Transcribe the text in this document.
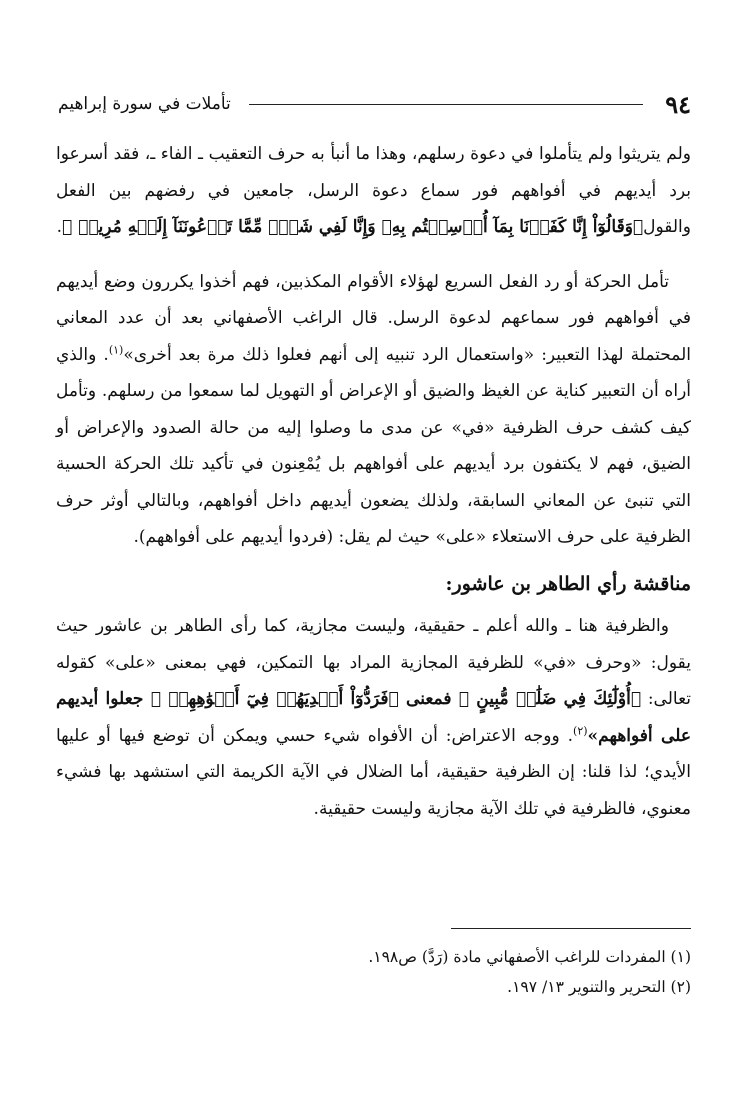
٩٤
تأملات في سورة إبراهيم

ولم يتريثوا ولم يتأملوا في دعوة رسلهم، وهذا ما أنبأ به حرف التعقيب ـ الفاء ـ، فقد أسرعوا برد أيديهم في أفواههم فور سماع دعوة الرسل، جامعين في رفضهم بين الفعل والقول﴿وَقَالُوٓاْ إِنَّا كَفَرۡنَا بِمَآ أُرۡسِلۡتُم بِهِۦ وَإِنَّا لَفِي شَكّٖ مِّمَّا تَدۡعُونَنَآ إِلَيۡهِ مُرِيبٖ ﴾.

تأمل الحركة أو رد الفعل السريع لهؤلاء الأقوام المكذبين، فهم أخذوا يكررون وضع أيديهم في أفواههم فور سماعهم لدعوة الرسل. قال الراغب الأصفهاني بعد أن عدد المعاني المحتملة لهذا التعبير: «واستعمال الرد تنبيه إلى أنهم فعلوا ذلك مرة بعد أخرى»$^{(١)}$. والذي أراه أن التعبير كناية عن الغيظ والضيق أو الإعراض أو التهويل لما سمعوا من رسلهم. وتأمل كيف كشف حرف الظرفية «في» عن مدى ما وصلوا إليه من حالة الصدود والإعراض أو الضيق، فهم لا يكتفون برد أيديهم على أفواههم بل يُمْعِنون في تأكيد تلك الحركة الحسية التي تنبئ عن المعاني السابقة، ولذلك يضعون أيديهم داخل أفواههم، وبالتالي أوثر حرف الظرفية على حرف الاستعلاء «على» حيث لم يقل: (فردوا أيديهم على أفواههم).

مناقشة رأي الطاهر بن عاشور:

والظرفية هنا ـ والله أعلم ـ حقيقية، وليست مجازية، كما رأى الطاهر بن عاشور حيث يقول: «وحرف «في» للظرفية المجازية المراد بها التمكين، فهي بمعنى «على» كقوله تعالى: ﴿أُوْلَٰٓئِكَ فِي ضَلَٰلٖ مُّبِينٍ ﴾ فمعنى ﴿فَرَدُّوٓاْ أَيۡدِيَهُمۡ فِيٓ أَفۡوَٰهِهِمۡ ﴾ جعلوا أيديهم على أفواههم»$^{(٢)}$. ووجه الاعتراض: أن الأفواه شيء حسي ويمكن أن توضع فيها أو عليها الأيدي؛ لذا قلنا: إن الظرفية حقيقية، أما الضلال في الآية الكريمة التي استشهد بها فشيء معنوي، فالظرفية في تلك الآية مجازية وليست حقيقية.

(١) المفردات للراغب الأصفهاني مادة (رَدَّ) ص١٩٨.
(٢) التحرير والتنوير ١٣/ ١٩٧.
